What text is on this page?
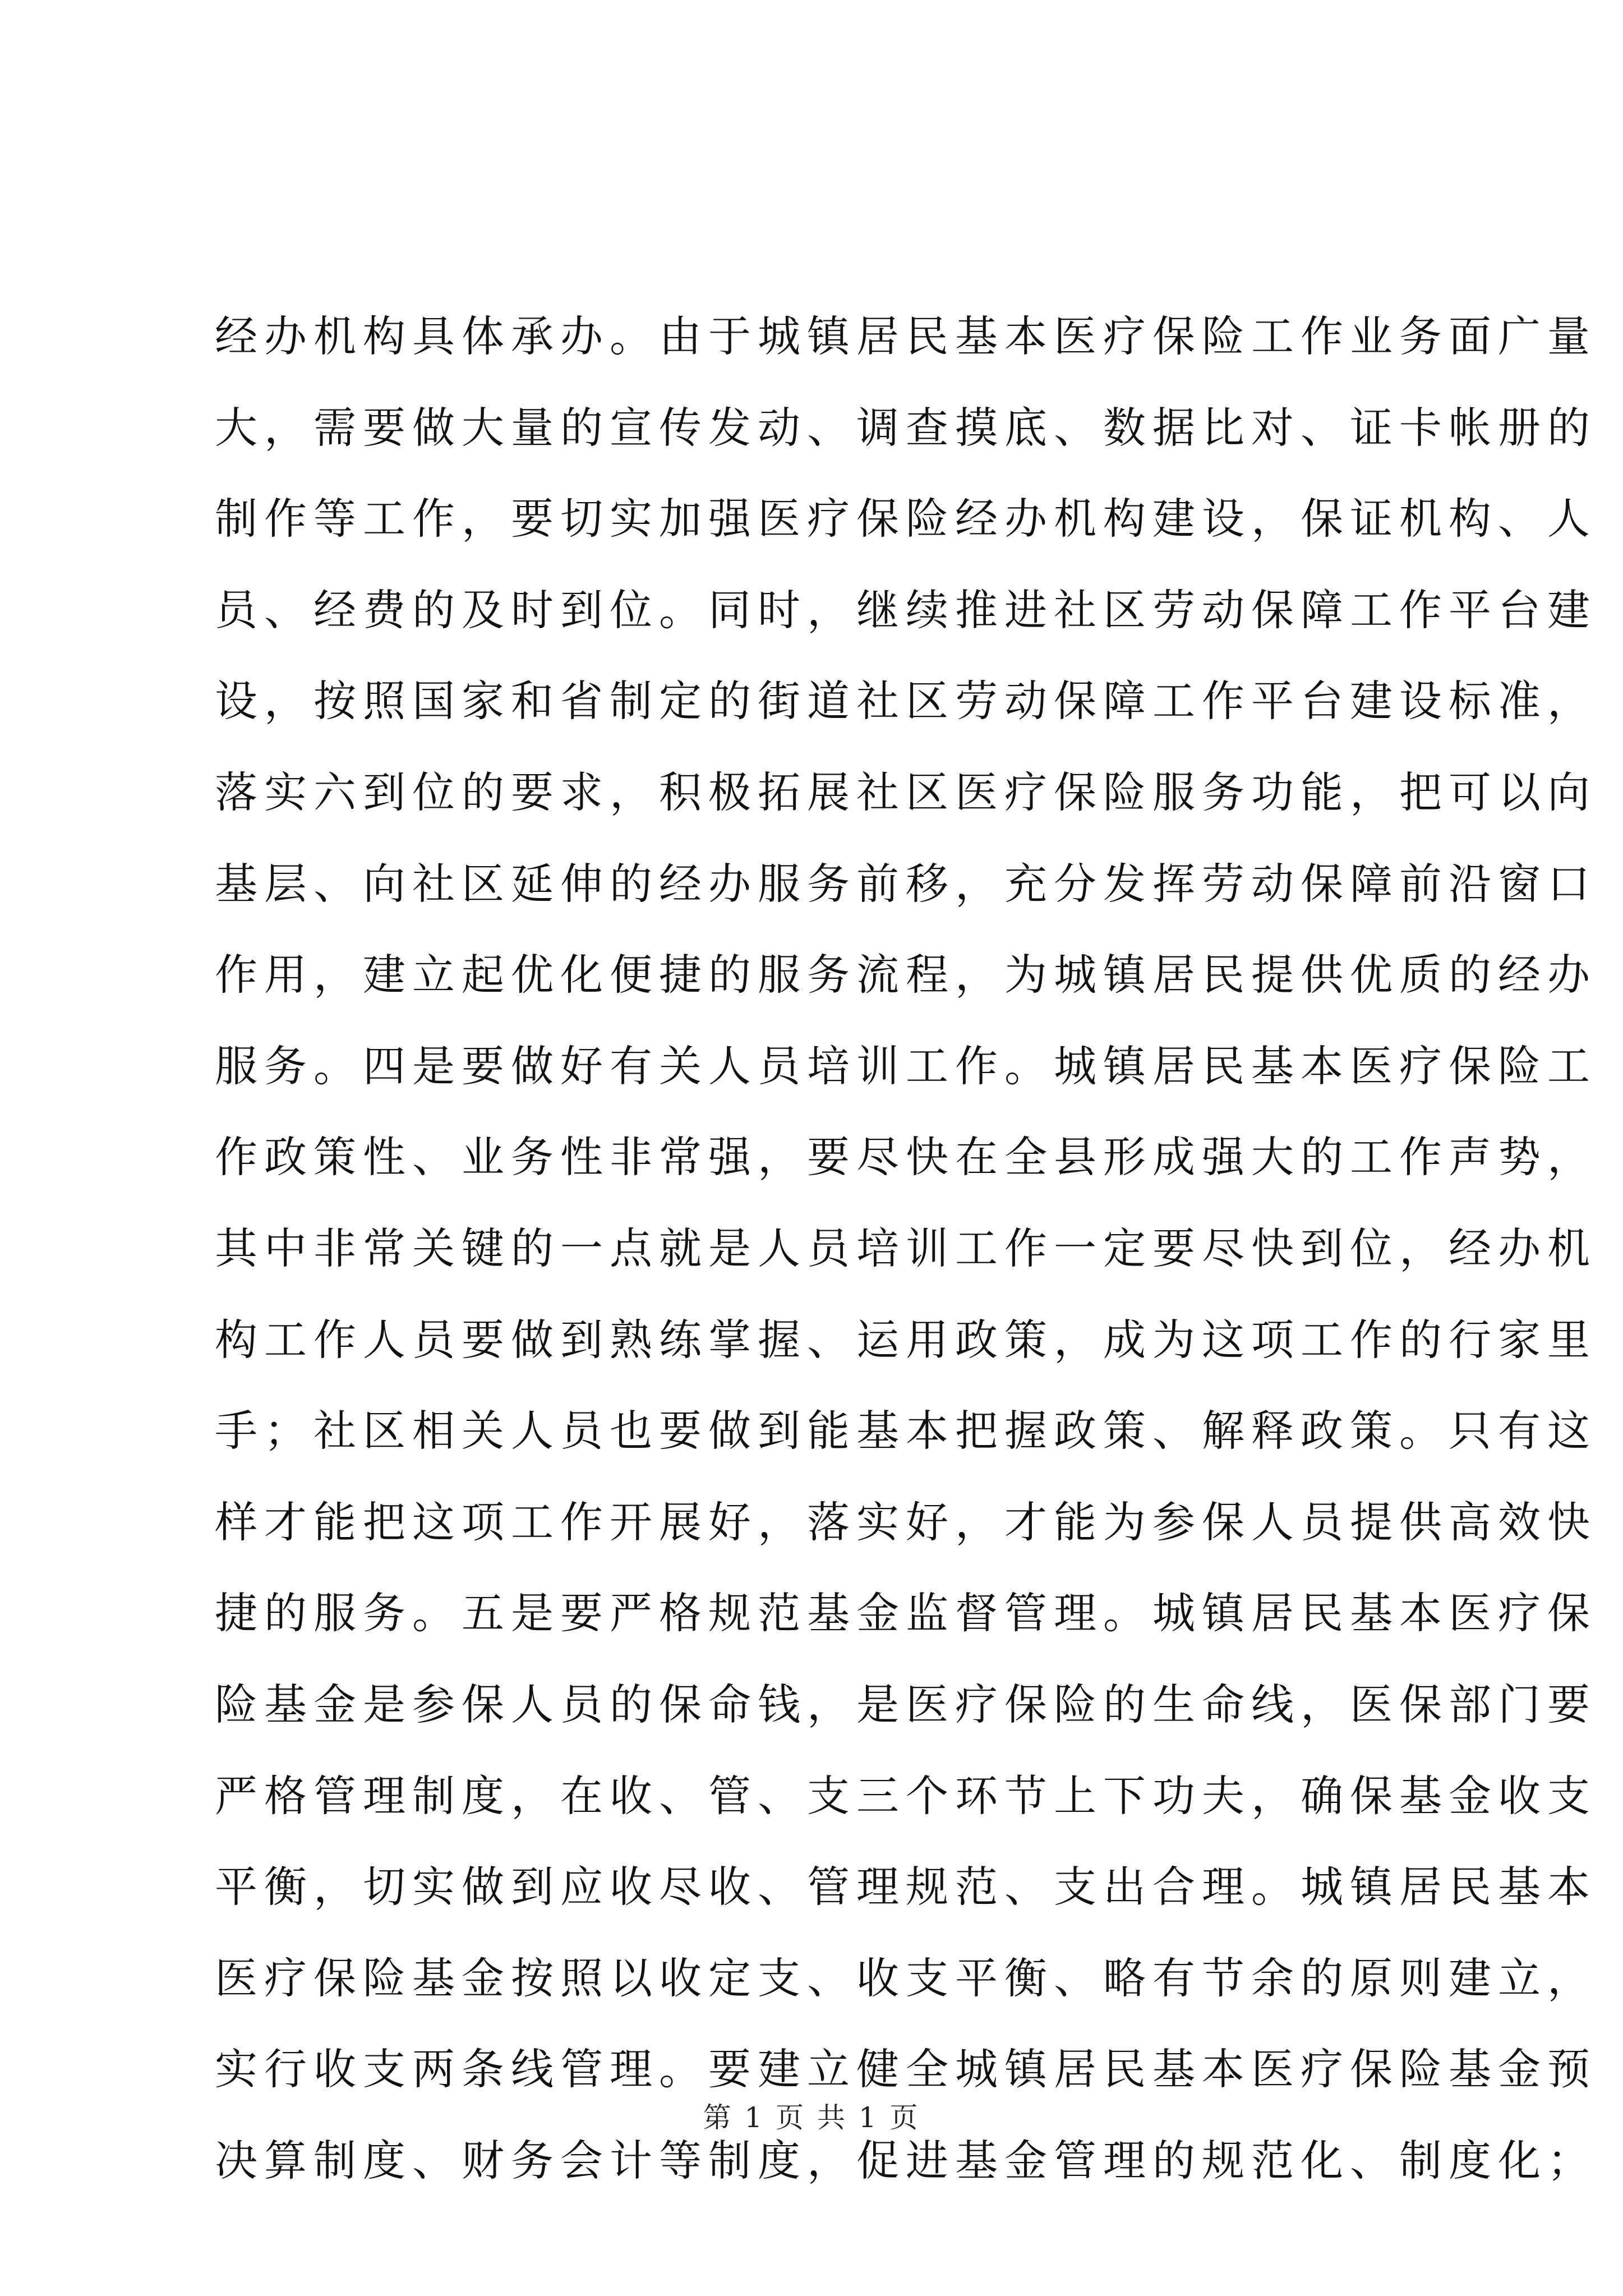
经办机构具体承办。由于城镇居民基本医疗保险工作业务面广量
大，需要做大量的宣传发动、调查摸底、数据比对、证卡帐册的
制作等工作，要切实加强医疗保险经办机构建设，保证机构、人
员、经费的及时到位。同时，继续推进社区劳动保障工作平台建
设，按照国家和省制定的街道社区劳动保障工作平台建设标准，
落实六到位的要求，积极拓展社区医疗保险服务功能，把可以向
基层、向社区延伸的经办服务前移，充分发挥劳动保障前沿窗口
作用，建立起优化便捷的服务流程，为城镇居民提供优质的经办
服务。四是要做好有关人员培训工作。城镇居民基本医疗保险工
作政策性、业务性非常强，要尽快在全县形成强大的工作声势，
其中非常关键的一点就是人员培训工作一定要尽快到位，经办机
构工作人员要做到熟练掌握、运用政策，成为这项工作的行家里
手；社区相关人员也要做到能基本把握政策、解释政策。只有这
样才能把这项工作开展好，落实好，才能为参保人员提供高效快
捷的服务。五是要严格规范基金监督管理。城镇居民基本医疗保
险基金是参保人员的保命钱，是医疗保险的生命线，医保部门要
严格管理制度，在收、管、支三个环节上下功夫，确保基金收支
平衡，切实做到应收尽收、管理规范、支出合理。城镇居民基本
医疗保险基金按照以收定支、收支平衡、略有节余的原则建立，
实行收支两条线管理。要建立健全城镇居民基本医疗保险基金预
决算制度、财务会计等制度，促进基金管理的规范化、制度化；
第 1 页 共 1 页
